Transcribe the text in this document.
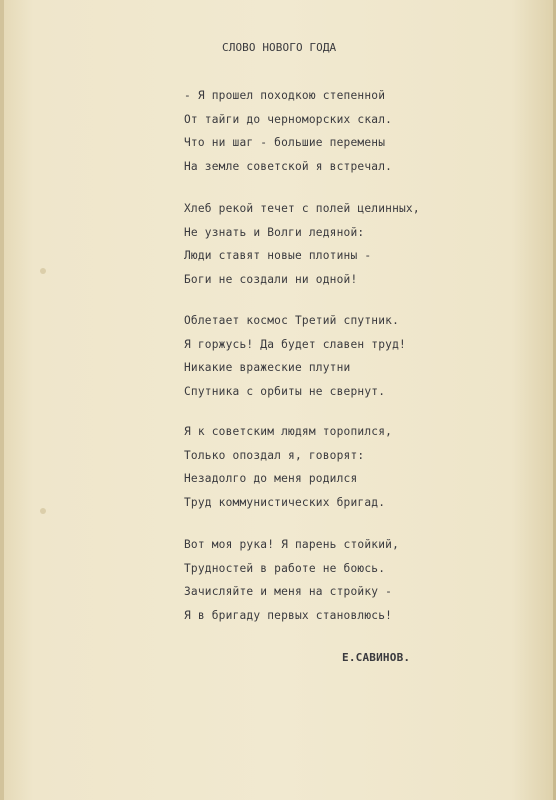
СЛОВО НОВОГО ГОДА
- Я прошел походкою степенной
От тайги до черноморских скал.
Что ни шаг - большие перемены
На земле советской я встречал.
Хлеб рекой течет с полей целинных,
Не узнать и Волги ледяной:
Люди ставят новые плотины -
Боги не создали ни одной!
Облетает космос Третий спутник.
Я горжусь! Да будет славен труд!
Никакие вражеские плутни
Спутника с орбиты не свернут.
Я к советским людям торопился,
Только опоздал я, говорят:
Незадолго до меня родился
Труд коммунистических бригад.
Вот моя рука! Я парень стойкий,
Трудностей в работе не боюсь.
Зачисляйте и меня на стройку -
Я в бригаду первых становлюсь!
Е.САВИНОВ.
